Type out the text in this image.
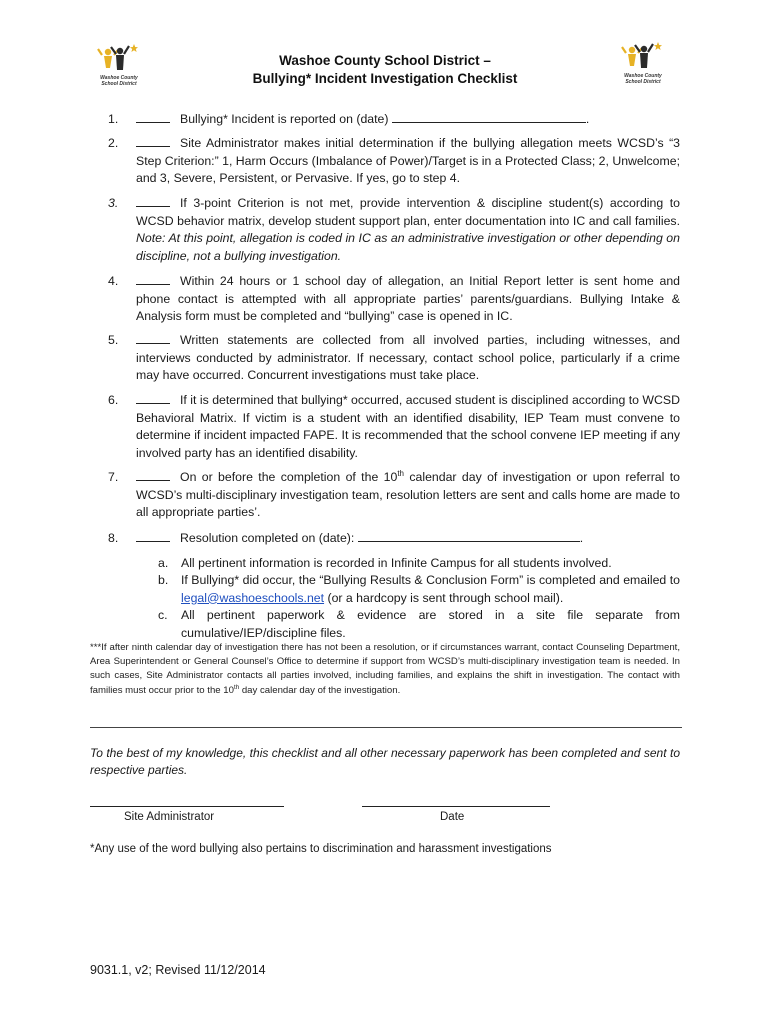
Washoe County School District
Washoe County School District
Washoe County School District –
Bullying* Incident Investigation Checklist
1.	Bullying* Incident is reported on (date)	.
2.	Site Administrator makes initial determination if the bullying allegation meets WCSD’s “3 Step Criterion:” 1, Harm Occurs (Imbalance of Power)/Target is in a Protected Class; 2, Unwelcome; and 3, Severe, Persistent, or Pervasive. If yes, go to step 4.
3.	If 3-point Criterion is not met, provide intervention & discipline student(s) according to WCSD behavior matrix, develop student support plan, enter documentation into IC and call families. Note: At this point, allegation is coded in IC as an administrative investigation or other depending on discipline, not a bullying investigation.
4.	Within 24 hours or 1 school day of allegation, an Initial Report letter is sent home and phone contact is attempted with all appropriate parties’ parents/guardians. Bullying Intake & Analysis form must be completed and “bullying” case is opened in IC.
5.	Written statements are collected from all involved parties, including witnesses, and interviews conducted by administrator. If necessary, contact school police, particularly if a crime may have occurred. Concurrent investigations must take place.
6.	If it is determined that bullying* occurred, accused student is disciplined according to WCSD Behavioral Matrix. If victim is a student with an identified disability, IEP Team must convene to determine if incident impacted FAPE. It is recommended that the school convene IEP meeting if any involved party has an identified disability.
7.	On or before the completion of the 10th calendar day of investigation or upon referral to WCSD’s multi-disciplinary investigation team, resolution letters are sent and calls home are made to all appropriate parties’.
8.	Resolution completed on (date):	.
a.	All pertinent information is recorded in Infinite Campus for all students involved.
b.	If Bullying* did occur, the “Bullying Results & Conclusion Form” is completed and emailed to legal@washoeschools.net (or a hardcopy is sent through school mail).
c.	All pertinent paperwork & evidence are stored in a site file separate from cumulative/IEP/discipline files.
***If after ninth calendar day of investigation there has not been a resolution, or if circumstances warrant, contact Counseling Department, Area Superintendent or General Counsel’s Office to determine if support from WCSD’s multi-disciplinary investigation team is needed. In such cases, Site Administrator contacts all parties involved, including families, and explains the shift in investigation. The contact with families must occur prior to the 10th day calendar day of the investigation.
To the best of my knowledge, this checklist and all other necessary paperwork has been completed and sent to respective parties.
Site Administrator	Date
*Any use of the word bullying also pertains to discrimination and harassment investigations
9031.1, v2; Revised 11/12/2014
